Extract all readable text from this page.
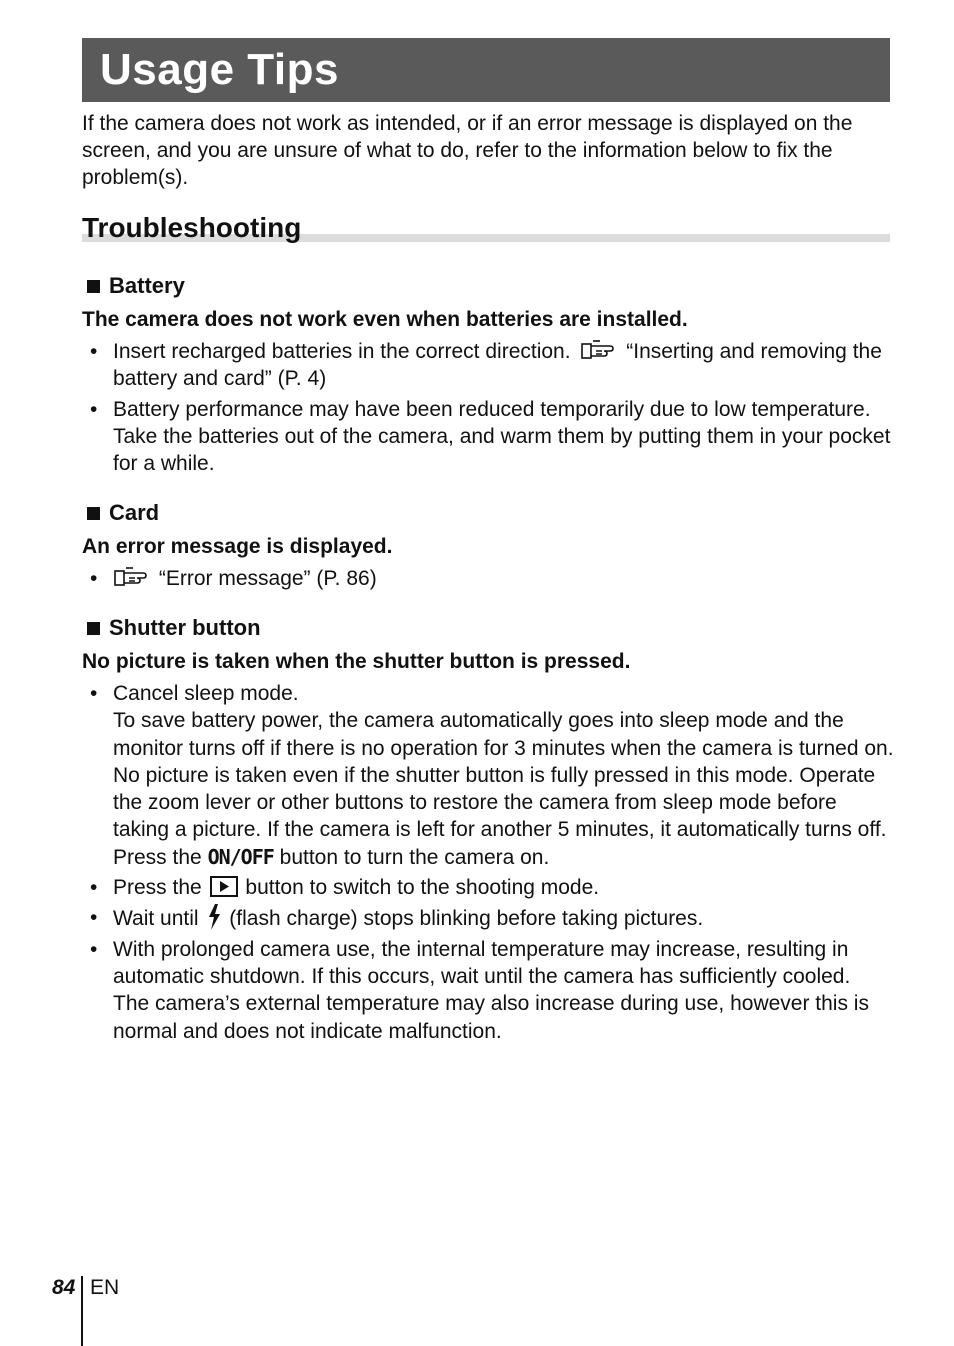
Usage Tips

If the camera does not work as intended, or if an error message is displayed on the screen, and you are unsure of what to do, refer to the information below to fix the problem(s).

Troubleshooting
Battery

The camera does not work even when batteries are installed.

• Insert recharged batteries in the correct direction.	“Inserting and removing the battery and card” (P. 4)
• Battery performance may have been reduced temporarily due to low temperature. Take the batteries out of the camera, and warm them by putting them in your pocket for a while.
Card

An error message is displayed.

•	“Error message” (P. 86)
Shutter button

No picture is taken when the shutter button is pressed.

• Cancel sleep mode.
To save battery power, the camera automatically goes into sleep mode and the monitor turns off if there is no operation for 3 minutes when the camera is turned on. No picture is taken even if the shutter button is fully pressed in this mode. Operate the zoom lever or other buttons to restore the camera from sleep mode before taking a picture. If the camera is left for another 5 minutes, it automatically turns off. Press the ON/OFF button to turn the camera on.
• Press the button to switch to the shooting mode.
• Wait until (flash charge) stops blinking before taking pictures.
• With prolonged camera use, the internal temperature may increase, resulting in automatic shutdown. If this occurs, wait until the camera has sufficiently cooled.
The camera’s external temperature may also increase during use, however this is normal and does not indicate malfunction.
84 EN
